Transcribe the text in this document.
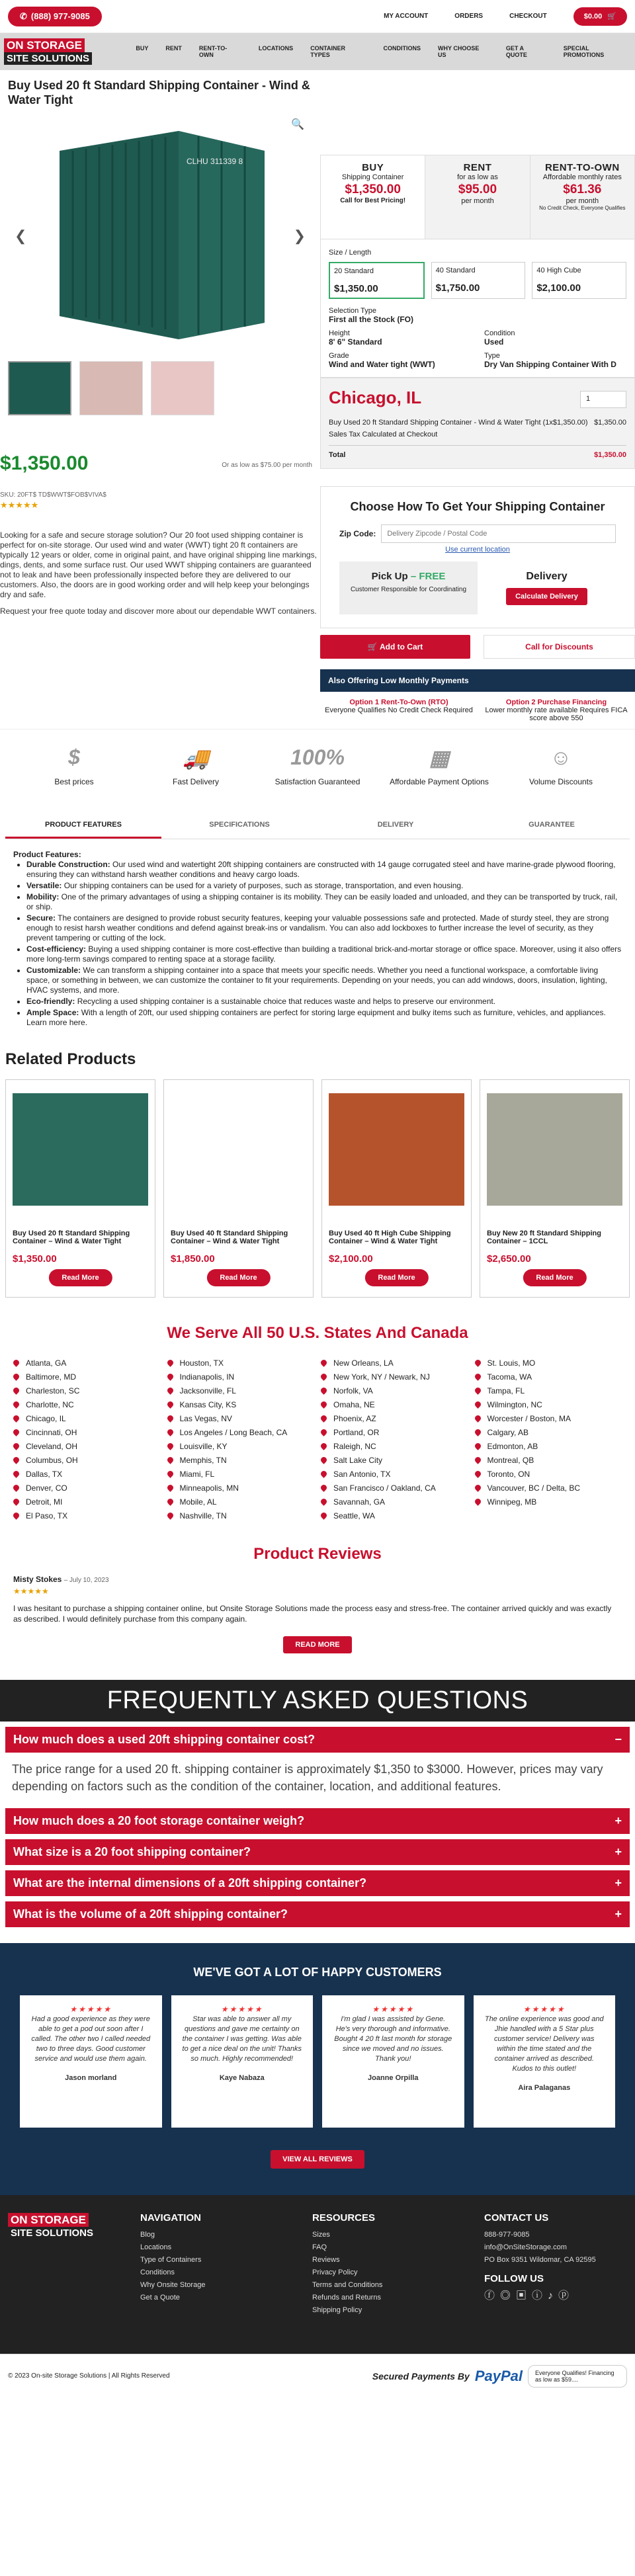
✆ (888) 977-9085	MY ACCOUNT	ORDERS	CHECKOUT	$0.00 🛒
ON STORAGE
SITE SOLUTIONS
BUY	RENT	RENT-TO-OWN
LOCATIONS	CONTAINER TYPES
CONDITIONS	WHY CHOOSE US
GET A QUOTE
SPECIAL PROMOTIONS
Buy Used 20 ft Standard Shipping Container - Wind & Water Tight
❮	❯
🔍
CLHU 311339 8
$1,350.00	Or as low as $75.00 per month
SKU: 20FT$ TD$WWT$FOB$VIVA$
★★★★★

Looking for a safe and secure storage solution? Our 20 foot used shipping container is perfect for on-site storage. Our used wind and water (WWT) tight 20 ft containers are typically 12 years or older, come in original paint, and have original shipping line markings, dings, dents, and some surface rust. Our used WWT shipping containers are guaranteed not to leak and have been professionally inspected before they are delivered to our customers. Also, the doors are in good working order and will help keep your belongings dry and safe.

Request your free quote today and discover more about our dependable WWT containers.

BUY
Shipping Container
$1,350.00
Call for Best Pricing!
RENT
for as low as
$95.00
per month
RENT-TO-OWN
Affordable monthly rates
$61.36
per month
No Credit Check, Everyone Qualifies
Size / Length
20 Standard
$1,350.00
40 Standard
$1,750.00
40 High Cube
$2,100.00
Selection Type
First all the Stock (FO)
Height
8' 6" Standard
Condition
Used
Grade
Wind and Water tight (WWT)
Type
Dry Van Shipping Container With D
Chicago, IL	1
Buy Used 20 ft Standard Shipping Container - Wind & Water Tight (1x$1,350.00) $1,350.00
Sales Tax Calculated at Checkout
Total	$1,350.00
Choose How To Get Your Shipping Container
Zip Code:
Delivery Zipcode / Postal Code
Use current location
Pick Up – FREE
Customer Responsible for Coordinating
Delivery
Calculate Delivery
🛒 Add to Cart	Call for Discounts
Also Offering Low Monthly Payments
Option 1 Rent-To-Own (RTO)
Everyone Qualifies No Credit Check Required
Option 2 Purchase Financing
Lower monthly rate available Requires FICA score above 550
$
Best prices
🚚
Fast Delivery
100%
Satisfaction Guaranteed
▦
Affordable Payment Options
☺
Volume Discounts
PRODUCT FEATURES	SPECIFICATIONS	DELIVERY	GUARANTEE
Product Features:
• Durable Construction: Our used wind and watertight 20ft shipping containers are constructed with 14 gauge corrugated steel and have marine-grade plywood flooring, ensuring they can withstand harsh weather conditions and heavy cargo loads.
• Versatile: Our shipping containers can be used for a variety of purposes, such as storage, transportation, and even housing.
• Mobility: One of the primary advantages of using a shipping container is its mobility. They can be easily loaded and unloaded, and they can be transported by truck, rail, or ship.
• Secure: The containers are designed to provide robust security features, keeping your valuable possessions safe and protected. Made of sturdy steel, they are strong enough to resist harsh weather conditions and defend against break-ins or vandalism. You can also add lockboxes to further increase the level of security, as they prevent tampering or cutting of the lock.
• Cost-efficiency: Buying a used shipping container is more cost-effective than building a traditional brick-and-mortar storage or office space. Moreover, using it also offers more long-term savings compared to renting space at a storage facility.
• Customizable: We can transform a shipping container into a space that meets your specific needs. Whether you need a functional workspace, a comfortable living space, or something in between, we can customize the container to fit your requirements. Depending on your needs, you can add windows, doors, insulation, lighting, HVAC systems, and more.
• Eco-friendly: Recycling a used shipping container is a sustainable choice that reduces waste and helps to preserve our environment.
• Ample Space: With a length of 20ft, our used shipping containers are perfect for storing large equipment and bulky items such as furniture, vehicles, and appliances. Learn more here.
Related Products
Buy Used 20 ft Standard Shipping Container – Wind & Water Tight
$1,350.00
Read More
Buy Used 40 ft Standard Shipping Container – Wind & Water Tight
$1,850.00
Read More
Buy Used 40 ft High Cube Shipping Container – Wind & Water Tight
$2,100.00
Read More
Buy New 20 ft Standard Shipping Container – 1CCL
$2,650.00
Read More
We Serve All 50 U.S. States And Canada
Atlanta, GA
Baltimore, MD
Charleston, SC
Charlotte, NC
Chicago, IL
Cincinnati, OH
Cleveland, OH
Columbus, OH
Dallas, TX
Denver, CO
Detroit, MI
El Paso, TX
Houston, TX
Indianapolis, IN
Jacksonville, FL
Kansas City, KS
Las Vegas, NV
Los Angeles / Long Beach, CA
Louisville, KY
Memphis, TN
Miami, FL
Minneapolis, MN
Mobile, AL
Nashville, TN
New Orleans, LA
New York, NY / Newark, NJ
Norfolk, VA
Omaha, NE
Phoenix, AZ
Portland, OR
Raleigh, NC
Salt Lake City
San Antonio, TX
San Francisco / Oakland, CA
Savannah, GA
Seattle, WA
St. Louis, MO
Tacoma, WA
Tampa, FL
Wilmington, NC
Worcester / Boston, MA
Calgary, AB
Edmonton, AB
Montreal, QB
Toronto, ON
Vancouver, BC / Delta, BC
Winnipeg, MB
Product Reviews
Misty Stokes – July 10, 2023
★★★★★

I was hesitant to purchase a shipping container online, but Onsite Storage Solutions made the process easy and stress-free. The container arrived quickly and was exactly as described. I would definitely purchase from this company again.

READ MORE
FREQUENTLY ASKED QUESTIONS
How much does a used 20ft shipping container cost?	−
The price range for a used 20 ft. shipping container is approximately $1,350 to $3000. However, prices may vary depending on factors such as the condition of the container, location, and additional features.
How much does a 20 foot storage container weigh?	+
What size is a 20 foot shipping container?	+
What are the internal dimensions of a 20ft shipping container?	+
What is the volume of a 20ft shipping container?	+
WE'VE GOT A LOT OF HAPPY CUSTOMERS
★★★★★

Had a good experience as they were able to get a pod out soon after I called. The other two I called needed two to three days. Good customer service and would use them again.

Jason morland
★★★★★

Star was able to answer all my questions and gave me certainty on the container I was getting. Was able to get a nice deal on the unit! Thanks so much. Highly recommended!

Kaye Nabaza
★★★★★

I'm glad I was assisted by Gene. He's very thorough and informative. Bought 4 20 ft last month for storage since we moved and no issues. Thank you!

Joanne Orpilla
★★★★★

The online experience was good and Jhie handled with a 5 Star plus customer service! Delivery was within the time stated and the container arrived as described. Kudos to this outlet!

Aira Palaganas
VIEW ALL REVIEWS
ON STORAGE
SITE SOLUTIONS
NAVIGATION
Blog
Locations
Type of Containers
Conditions
Why Onsite Storage
Get a Quote
RESOURCES
Sizes
FAQ
Reviews
Privacy Policy
Terms and Conditions
Refunds and Returns
Shipping Policy
CONTACT US
888-977-9085
info@OnSiteStorage.com
PO Box 9351 Wildomar, CA 92595
FOLLOW US
ⓕ◎▣ⓘ♪ⓟ
© 2023 On-site Storage Solutions | All Rights Reserved	Secured Payments By PayPal	Everyone Qualifies! Financing as low as $59....
